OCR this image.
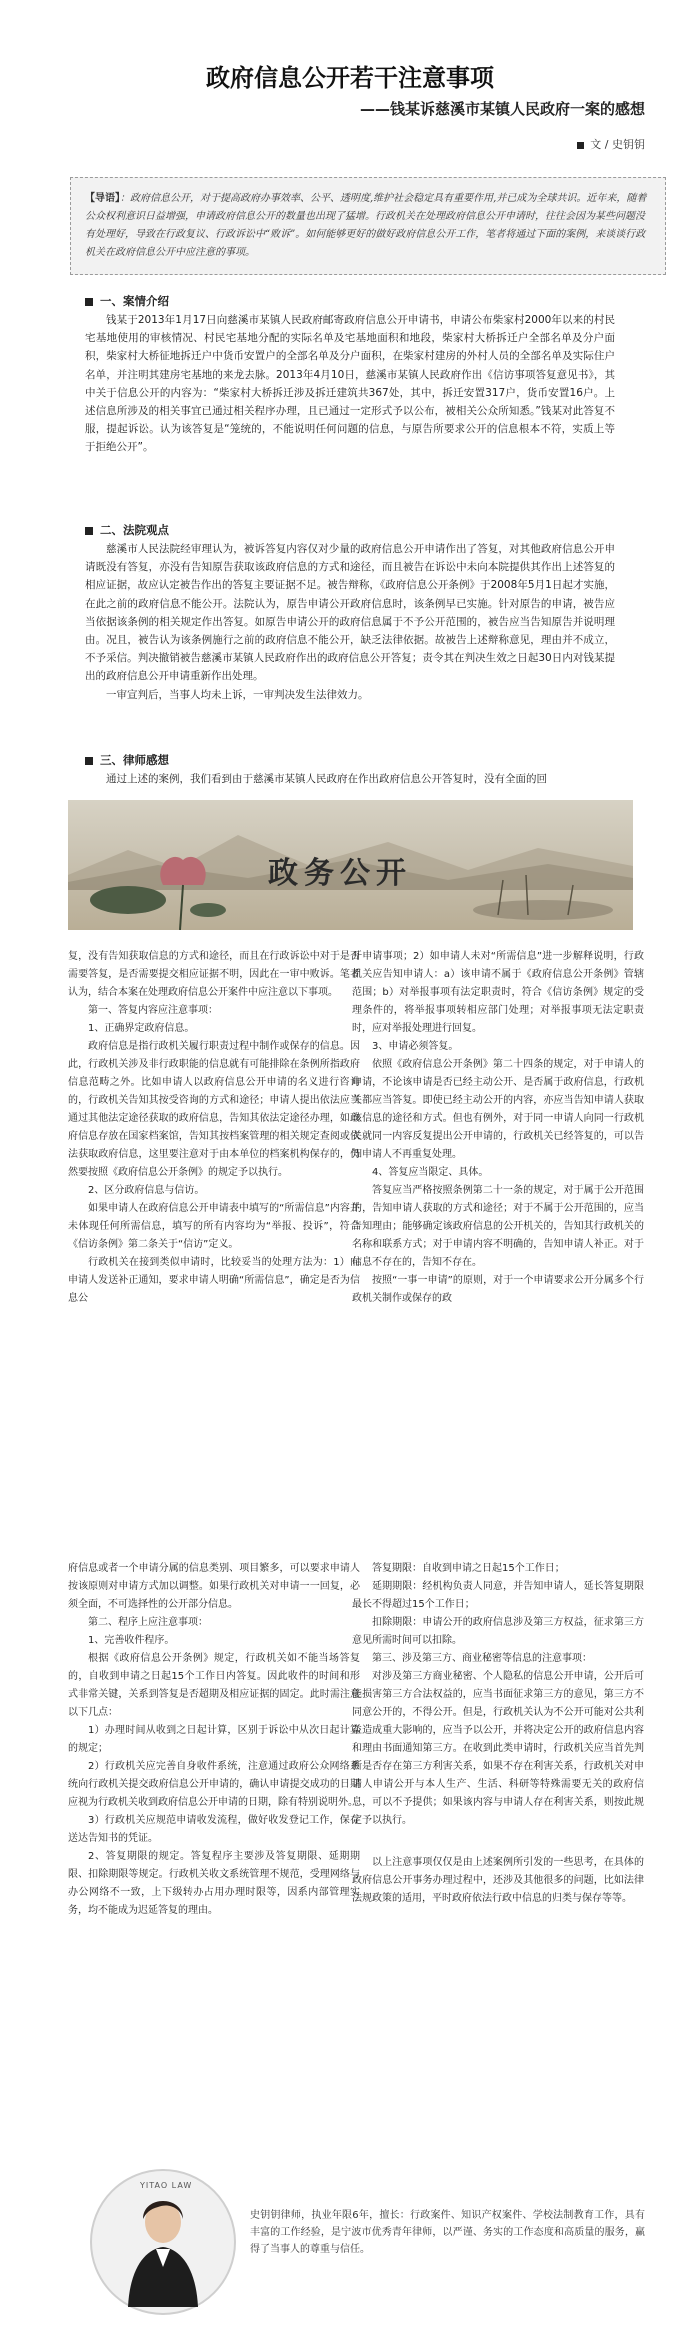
政府信息公开若干注意事项
——钱某诉慈溪市某镇人民政府一案的感想
文 / 史钥钥
【导语】：政府信息公开，对于提高政府办事效率、公平、透明度,维护社会稳定具有重要作用,并已成为全球共识。近年来，随着公众权利意识日益增强，申请政府信息公开的数量也出现了猛增。行政机关在处理政府信息公开申请时，往往会因为某些问题没有处理好，导致在行政复议、行政诉讼中“败诉”。如何能够更好的做好政府信息公开工作，笔者将通过下面的案例，来谈谈行政机关在政府信息公开中应注意的事项。
一、案情介绍

钱某于2013年1月17日向慈溪市某镇人民政府邮寄政府信息公开申请书，申请公布柴家村2000年以来的村民宅基地使用的审核情况、村民宅基地分配的实际名单及宅基地面积和地段，柴家村大桥拆迁户全部名单及分户面积，柴家村大桥征地拆迁户中货币安置户的全部名单及分户面积，在柴家村建房的外村人员的全部名单及实际住户名单，并注明其建房宅基地的来龙去脉。2013年4月10日，慈溪市某镇人民政府作出《信访事项答复意见书》，其中关于信息公开的内容为：“柴家村大桥拆迁涉及拆迁建筑共367处，其中，拆迁安置317户，货币安置16户。上述信息所涉及的相关事宜已通过相关程序办理，且已通过一定形式予以公布，被相关公众所知悉。”钱某对此答复不服，提起诉讼。认为该答复是“笼统的，不能说明任何问题的信息，与原告所要求公开的信息根本不符，实质上等于拒绝公开”。

二、法院观点

慈溪市人民法院经审理认为，被诉答复内容仅对少量的政府信息公开申请作出了答复，对其他政府信息公开申请既没有答复，亦没有告知原告获取该政府信息的方式和途径，而且被告在诉讼中未向本院提供其作出上述答复的相应证据，故应认定被告作出的答复主要证据不足。被告辩称，《政府信息公开条例》于2008年5月1日起才实施，在此之前的政府信息不能公开。法院认为，原告申请公开政府信息时，该条例早已实施。针对原告的申请，被告应当依据该条例的相关规定作出答复。如原告申请公开的政府信息属于不予公开范围的，被告应当告知原告并说明理由。况且，被告认为该条例施行之前的政府信息不能公开，缺乏法律依据。故被告上述辩称意见，理由并不成立，不予采信。判决撤销被告慈溪市某镇人民政府作出的政府信息公开答复；责令其在判决生效之日起30日内对钱某提出的政府信息公开申请重新作出处理。

一审宣判后，当事人均未上诉，一审判决发生法律效力。

三、律师感想

通过上述的案例，我们看到由于慈溪市某镇人民政府在作出政府信息公开答复时，没有全面的回

政务公开

复，没有告知获取信息的方式和途径，而且在行政诉讼中对于是否需要答复，是否需要提交相应证据不明，因此在一审中败诉。笔者认为，结合本案在处理政府信息公开案件中应注意以下事项。

第一、答复内容应注意事项：

1、正确界定政府信息。

政府信息是指行政机关履行职责过程中制作或保存的信息。因此，行政机关涉及非行政职能的信息就有可能排除在条例所指政府信息范畴之外。比如申请人以政府信息公开申请的名义进行咨询的，行政机关告知其按受咨询的方式和途径；申请人提出依法应当通过其他法定途径获取的政府信息，告知其依法定途径办理，如政府信息存放在国家档案馆，告知其按档案管理的相关规定查阅或依法获取政府信息，这里要注意对于由本单位的档案机构保存的，仍然要按照《政府信息公开条例》的规定予以执行。

2、区分政府信息与信访。

如果申请人在政府信息公开申请表中填写的“所需信息”内容并未体现任何所需信息，填写的所有内容均为“举报、投诉”，符合《信访条例》第二条关于“信访”定义。

行政机关在接到类似申请时，比较妥当的处理方法为：1）向申请人发送补正通知，要求申请人明确“所需信息”，确定是否为信息公

开申请事项；2）如申请人未对“所需信息”进一步解释说明，行政机关应告知申请人：a）该申请不属于《政府信息公开条例》管辖范围；b）对举报事项有法定职责时，符合《信访条例》规定的受理条件的，将举报事项转相应部门处理；对举报事项无法定职责时，应对举报处理进行回复。

3、申请必须答复。

依照《政府信息公开条例》第二十四条的规定，对于申请人的申请，不论该申请是否已经主动公开、是否属于政府信息，行政机关都应当答复。即使已经主动公开的内容，亦应当告知申请人获取该信息的途径和方式。但也有例外，对于同一申请人向同一行政机关就同一内容反复提出公开申请的，行政机关已经答复的，可以告知申请人不再重复处理。

4、答复应当限定、具体。

答复应当严格按照条例第二十一条的规定，对于属于公开范围的，告知申请人获取的方式和途径；对于不属于公开范围的，应当告知理由；能够确定该政府信息的公开机关的，告知其行政机关的名称和联系方式；对于申请内容不明确的，告知申请人补正。对于信息不存在的，告知不存在。

按照“一事一申请”的原则，对于一个申请要求公开分属多个行政机关制作或保存的政

府信息或者一个申请分属的信息类别、项目繁多，可以要求申请人按该原则对申请方式加以调整。如果行政机关对申请一一回复，必须全面，不可选择性的公开部分信息。

第二、程序上应注意事项：

1、完善收件程序。

根据《政府信息公开条例》规定，行政机关如不能当场答复的，自收到申请之日起15个工作日内答复。因此收件的时间和形式非常关键，关系到答复是否超期及相应证据的固定。此时需注意以下几点：

1）办理时间从收到之日起计算，区别于诉讼中从次日起计算的规定；

2）行政机关应完善自身收件系统，注意通过政府公众网络系统向行政机关提交政府信息公开申请的，确认申请提交成功的日期应视为行政机关收到政府信息公开申请的日期，除有特别说明外。

3）行政机关应规范申请收发流程，做好收发登记工作，保存送达告知书的凭证。

2、答复期限的规定。答复程序主要涉及答复期限、延期期限、扣除期限等规定。行政机关收文系统管理不规范，受理网络与办公网络不一致，上下级转办占用办理时限等，因系内部管理实务，均不能成为迟延答复的理由。

答复期限：自收到申请之日起15个工作日；

延期期限：经机构负责人同意，并告知申请人，延长答复期限最长不得超过15个工作日；

扣除期限：申请公开的政府信息涉及第三方权益，征求第三方意见所需时间可以扣除。

第三、涉及第三方、商业秘密等信息的注意事项：

对涉及第三方商业秘密、个人隐私的信息公开申请，公开后可能损害第三方合法权益的，应当书面征求第三方的意见，第三方不同意公开的，不得公开。但是，行政机关认为不公开可能对公共利益造成重大影响的，应当予以公开，并将决定公开的政府信息内容和理由书面通知第三方。在收到此类申请时，行政机关应当首先判断是否存在第三方利害关系，如果不存在利害关系，行政机关对申请人申请公开与本人生产、生活、科研等特殊需要无关的政府信息，可以不予提供；如果该内容与申请人存在利害关系，则按此规定予以执行。

以上注意事项仅仅是由上述案例所引发的一些思考，在具体的政府信息公开事务办理过程中，还涉及其他很多的问题，比如法律法规政策的适用，平时政府依法行政中信息的归类与保存等等。

YITAO LAW
史钥钥律师，执业年限6年，擅长：行政案件、知识产权案件、学校法制教育工作，具有丰富的工作经验，是宁波市优秀青年律师，以严谨、务实的工作态度和高质量的服务，赢得了当事人的尊重与信任。
